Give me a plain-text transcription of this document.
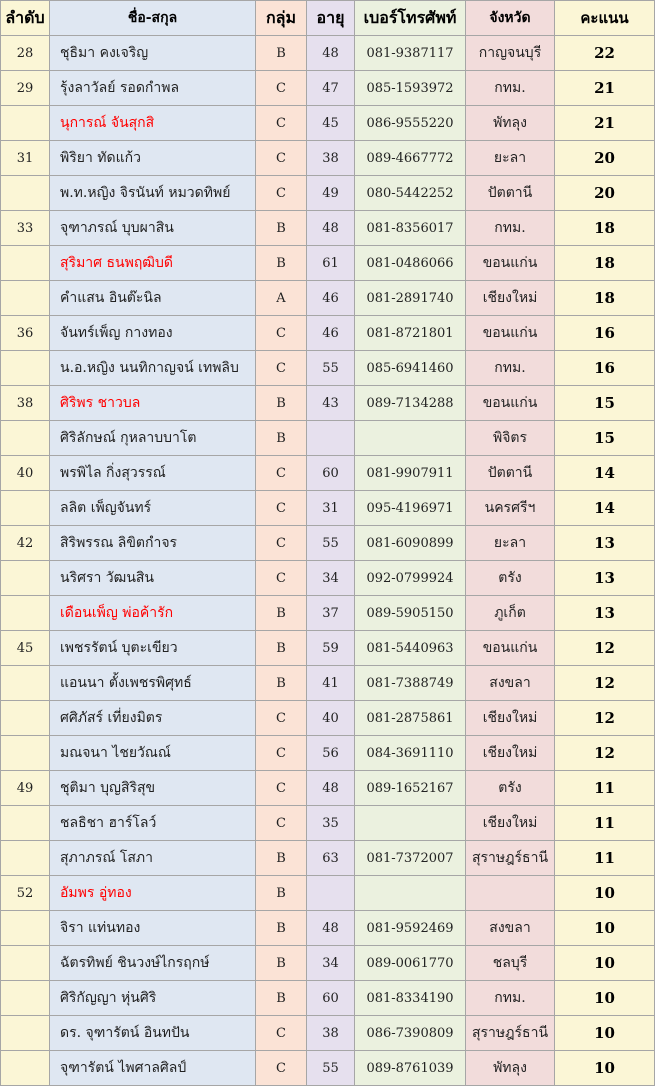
ลำดับ	ชื่อ-สกุล	กลุ่ม	อายุ	เบอร์โทรศัพท์	จังหวัด	คะแนน
28	ชุธิมา คงเจริญ	B	48	081-9387117	กาญจนบุรี	22
29	รุ้งลาวัลย์ รอดกำพล	C	47	085-1593972	กทม.	21
	นุการณ์ จันสุกสิ	C	45	086-9555220	พัทลุง	21
31	พิริยา ทัดแก้ว	C	38	089-4667772	ยะลา	20
	พ.ท.หญิง จิรนันท์ หมวดทิพย์	C	49	080-5442252	ปัตตานี	20
33	จุฑาภรณ์ บุบผาสิน	B	48	081-8356017	กทม.	18
	สุริมาศ ธนพฤฒิบดี	B	61	081-0486066	ขอนแก่น	18
	คำแสน อินต๊ะนิล	A	46	081-2891740	เชียงใหม่	18
36	จันทร์เพ็ญ กางทอง	C	46	081-8721801	ขอนแก่น	16
	น.อ.หญิง นนทิกาญจน์ เทพลิบ	C	55	085-6941460	กทม.	16
38	ศิริพร ชาวบล	B	43	089-7134288	ขอนแก่น	15
	ศิริลักษณ์ กุหลาบบาโต	B			พิจิตร	15
40	พรพิไล กิ่งสุวรรณ์	C	60	081-9907911	ปัตตานี	14
	ลลิต เพ็ญจันทร์	C	31	095-4196971	นครศรีฯ	14
42	สิริพรรณ ลิขิตกำจร	C	55	081-6090899	ยะลา	13
	นริศรา วัฒนสิน	C	34	092-0799924	ตรัง	13
	เดือนเพ็ญ พ่อค้ารัก	B	37	089-5905150	ภูเก็ต	13
45	เพชรรัตน์ บุตะเขียว	B	59	081-5440963	ขอนแก่น	12
	แอนนา ตั้งเพชรพิศุทธ์	B	41	081-7388749	สงขลา	12
	ศศิภัสร์ เที่ยงมิตร	C	40	081-2875861	เชียงใหม่	12
	มณจนา ไชยวัณณ์	C	56	084-3691110	เชียงใหม่	12
49	ชุติมา บุญสิริสุข	C	48	089-1652167	ตรัง	11
	ชลธิชา ฮาร์โลว์	C	35		เชียงใหม่	11
	สุภาภรณ์ โสภา	B	63	081-7372007	สุราษฎร์ธานี	11
52	อัมพร อู่ทอง	B				10
	จิรา แท่นทอง	B	48	081-9592469	สงขลา	10
	ฉัตรทิพย์ ชินวงษ์ไกรฤกษ์	B	34	089-0061770	ชลบุรี	10
	ศิริกัญญา หุ่นศิริ	B	60	081-8334190	กทม.	10
	ดร. จุฑารัตน์ อินทปัน	C	38	086-7390809	สุราษฎร์ธานี	10
	จุฑารัตน์ ไพศาลศิลป์	C	55	089-8761039	พัทลุง	10
